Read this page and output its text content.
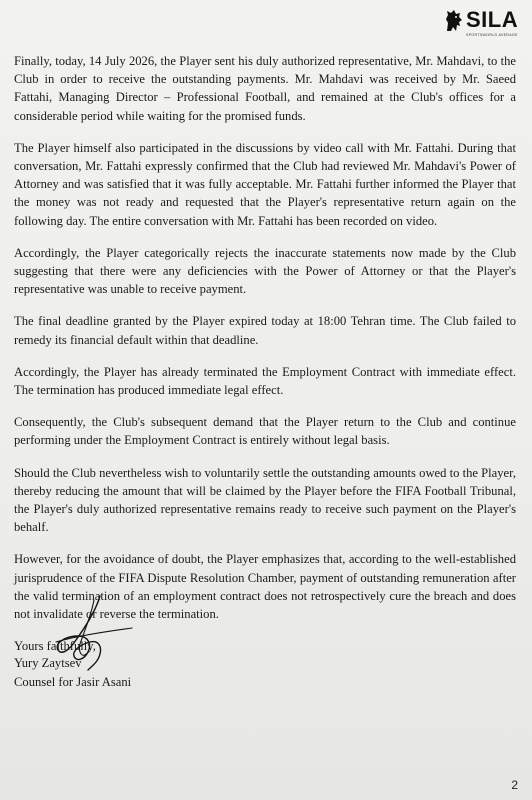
SILA
SPORTSWORLD AVERAGE

Finally, today, 14 July 2026, the Player sent his duly authorized representative, Mr. Mahdavi, to the Club in order to receive the outstanding payments. Mr. Mahdavi was received by Mr. Saeed Fattahi, Managing Director – Professional Football, and remained at the Club's offices for a considerable period while waiting for the promised funds.

The Player himself also participated in the discussions by video call with Mr. Fattahi. During that conversation, Mr. Fattahi expressly confirmed that the Club had reviewed Mr. Mahdavi's Power of Attorney and was satisfied that it was fully acceptable. Mr. Fattahi further informed the Player that the money was not ready and requested that the Player's representative return again on the following day. The entire conversation with Mr. Fattahi has been recorded on video.

Accordingly, the Player categorically rejects the inaccurate statements now made by the Club suggesting that there were any deficiencies with the Power of Attorney or that the Player's representative was unable to receive payment.

The final deadline granted by the Player expired today at 18:00 Tehran time. The Club failed to remedy its financial default within that deadline.

Accordingly, the Player has already terminated the Employment Contract with immediate effect. The termination has produced immediate legal effect.

Consequently, the Club's subsequent demand that the Player return to the Club and continue performing under the Employment Contract is entirely without legal basis.

Should the Club nevertheless wish to voluntarily settle the outstanding amounts owed to the Player, thereby reducing the amount that will be claimed by the Player before the FIFA Football Tribunal, the Player's duly authorized representative remains ready to receive such payment on the Player's behalf.

However, for the avoidance of doubt, the Player emphasizes that, according to the well-established jurisprudence of the FIFA Dispute Resolution Chamber, payment of outstanding remuneration after the valid termination of an employment contract does not retrospectively cure the breach and does not invalidate or reverse the termination.

Yours faithfully,

Yury Zaytsev
Counsel for Jasir Asani
2
